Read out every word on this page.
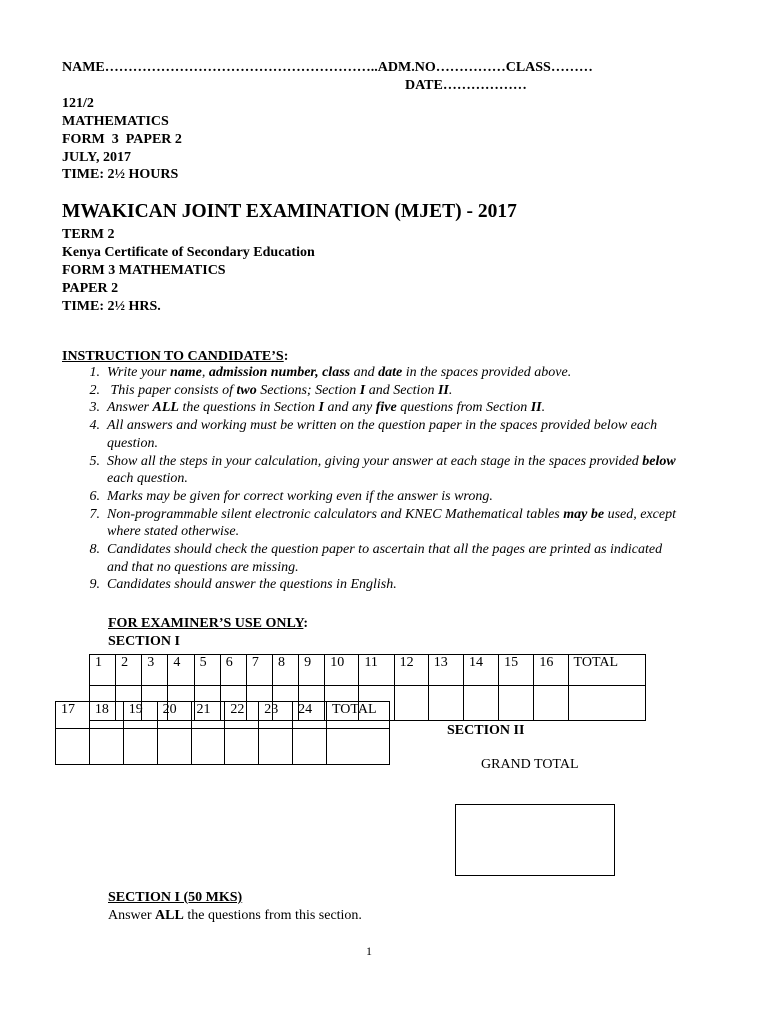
NAME…………………………………………………..ADM.NO……………CLASS………
DATE………………
121/2
MATHEMATICS
FORM  3  PAPER 2
JULY, 2017
TIME: 2½ HOURS
MWAKICAN JOINT EXAMINATION (MJET) - 2017
TERM 2
Kenya Certificate of Secondary Education
FORM 3 MATHEMATICS
PAPER 2
TIME: 2½ HRS.
INSTRUCTION TO CANDIDATE’S:
1. Write your name, admission number, class and date in the spaces provided above.
2. This paper consists of two Sections; Section I and Section II.
3. Answer ALL the questions in Section I and any five questions from Section II.
4. All answers and working must be written on the question paper in the spaces provided below each question.
5. Show all the steps in your calculation, giving your answer at each stage in the spaces provided below each question.
6. Marks may be given for correct working even if the answer is wrong.
7. Non-programmable silent electronic calculators and KNEC Mathematical tables may be used, except where stated otherwise.
8. Candidates should check the question paper to ascertain that all the pages are printed as indicated and that no questions are missing.
9. Candidates should answer the questions in English.
FOR EXAMINER’S USE ONLY:
SECTION I
1	2	3	4	5	6	7	8	9	10	11	12	13	14	15	16	TOTAL

17	18	19	20	21	22	23	24	TOTAL

SECTION II
GRAND TOTAL
SECTION I (50 MKS)
Answer ALL the questions from this section.
1
